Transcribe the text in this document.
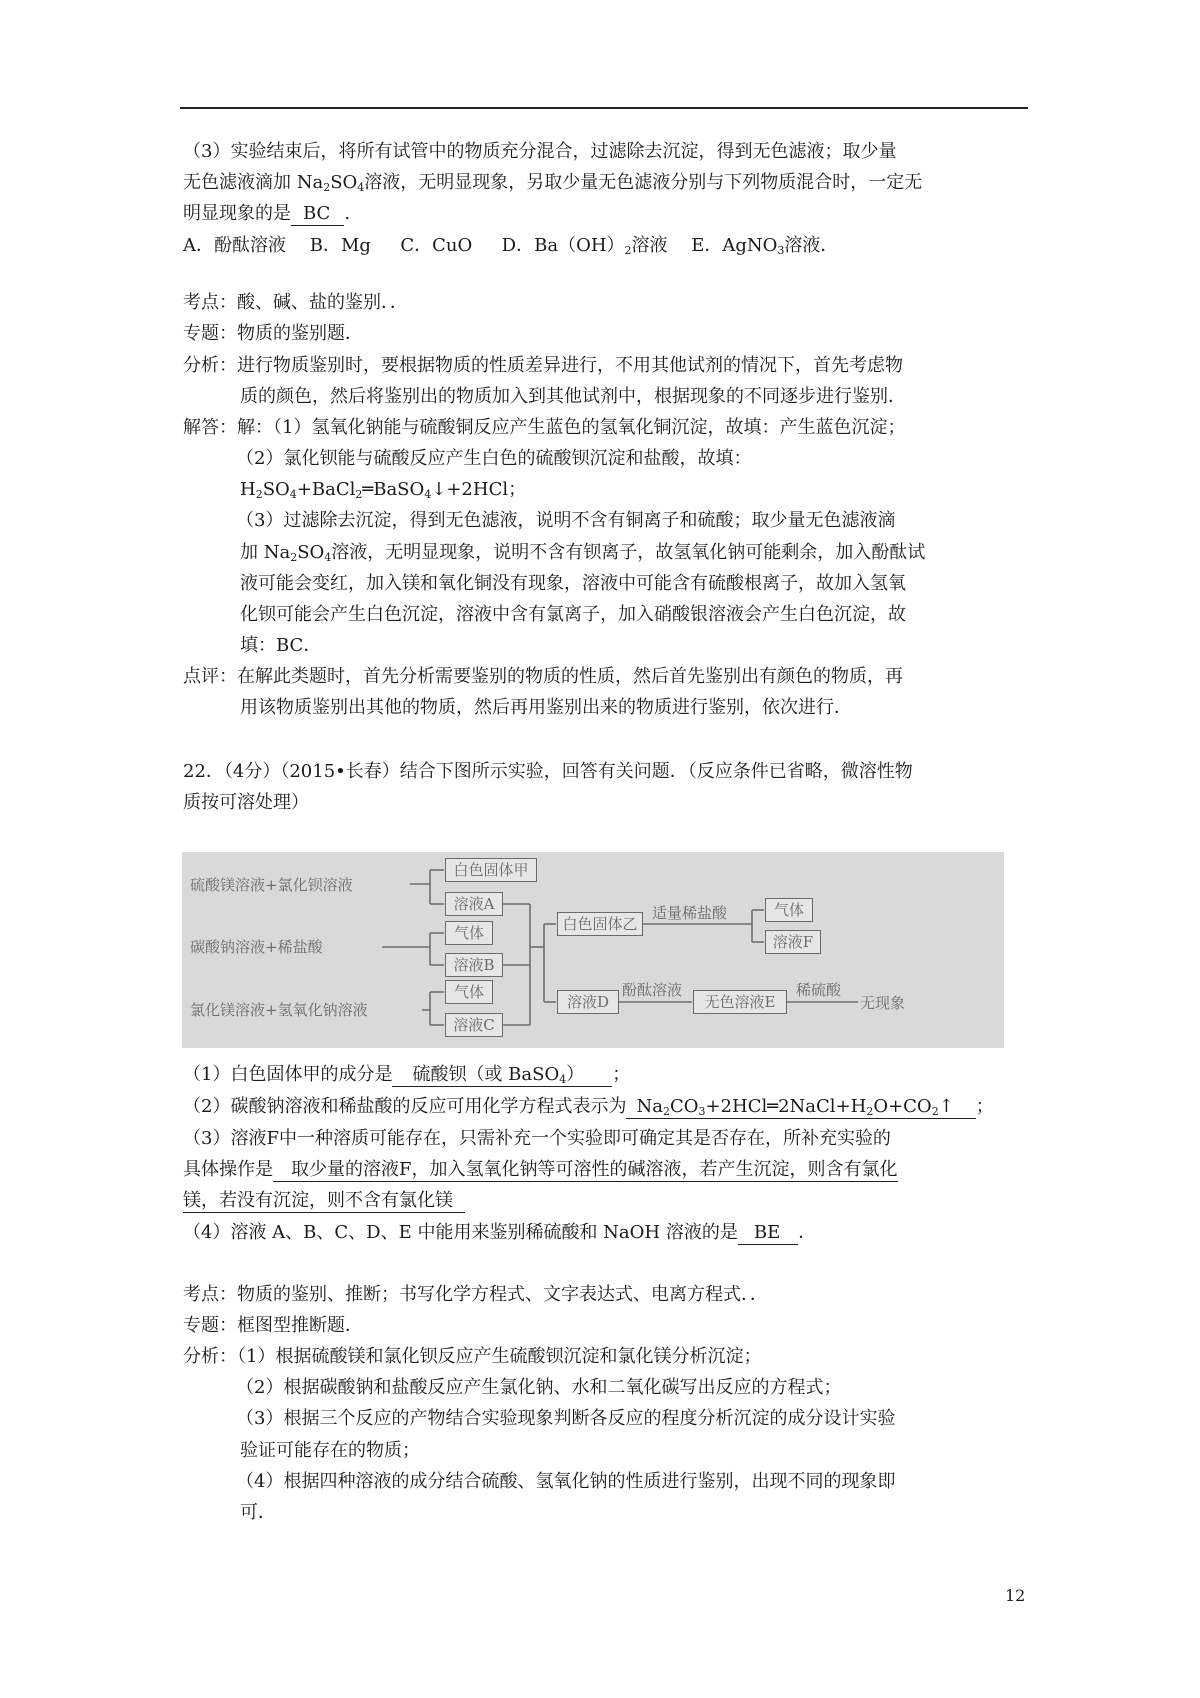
（3）实验结束后，将所有试管中的物质充分混合，过滤除去沉淀，得到无色滤液；取少量
无色滤液滴加 $Na_2SO_4$溶液，无明显现象，另取少量无色滤液分别与下列物质混合时，一定无
明显现象的是 BC .
A．酚酞溶液　 B．Mg 　 C．CuO 　 D．$Ba(OH)_2$溶液　 E．AgNO$_3$溶液．
考点：酸、碱、盐的鉴别．．
专题：物质的鉴别题．
分析：进行物质鉴别时，要根据物质的性质差异进行，不用其他试剂的情况下，首先考虑物
质的颜色，然后将鉴别出的物质加入到其他试剂中，根据现象的不同逐步进行鉴别．
解答：解：（1）氢氧化钠能与硫酸铜反应产生蓝色的氢氧化铜沉淀，故填：产生蓝色沉淀；
（2）氯化钡能与硫酸反应产生白色的硫酸钡沉淀和盐酸，故填：
$H_2SO_4+BaCl_2═BaSO_4↓+2HCl$；
（3）过滤除去沉淀，得到无色滤液，说明不含有铜离子和硫酸；取少量无色滤液滴
加 $Na_2SO_4$溶液，无明显现象，说明不含有钡离子，故氢氧化钠可能剩余，加入酚酞试
液可能会变红，加入镁和氧化铜没有现象，溶液中可能含有硫酸根离子，故加入氢氧
化钡可能会产生白色沉淀，溶液中含有氯离子，加入硝酸银溶液会产生白色沉淀，故
填：BC．
点评：在解此类题时，首先分析需要鉴别的物质的性质，然后首先鉴别出有颜色的物质，再
用该物质鉴别出其他的物质，然后再用鉴别出来的物质进行鉴别，依次进行．
22．（4分）（2015•长春）结合下图所示实验，回答有关问题．（反应条件已省略，微溶性物
质按可溶处理）
硫酸镁溶液+氯化钡溶液
碳酸钠溶液+稀盐酸
氯化镁溶液+氢氧化钠溶液
白色固体甲
溶液A
气体
溶液B
气体
溶液C
白色固体乙
适量稀盐酸	气体
溶液F
溶液D
酚酞溶液
无色溶液E
稀硫酸
无现象
（1）白色固体甲的成分是 硫酸钡（或 BaSO$_4$） ；
（2）碳酸钠溶液和稀盐酸的反应可用化学方程式表示为 $Na_2CO_3+2HCl═2NaCl+H_2O+CO_2↑$ ；
（3）溶液F中一种溶质可能存在，只需补充一个实验即可确定其是否存在，所补充实验的
具体操作是 取少量的溶液F，加入氢氧化钠等可溶性的碱溶液，若产生沉淀，则含有氯化
镁，若没有沉淀，则不含有氯化镁
（4）溶液 A、B、C、D、E 中能用来鉴别稀硫酸和 NaOH 溶液的是 BE ．
考点：物质的鉴别、推断；书写化学方程式、文字表达式、电离方程式．．
专题：框图型推断题．
分析：（1）根据硫酸镁和氯化钡反应产生硫酸钡沉淀和氯化镁分析沉淀；
（2）根据碳酸钠和盐酸反应产生氯化钠、水和二氧化碳写出反应的方程式；
（3）根据三个反应的产物结合实验现象判断各反应的程度分析沉淀的成分设计实验
验证可能存在的物质；
（4）根据四种溶液的成分结合硫酸、氢氧化钠的性质进行鉴别，出现不同的现象即
可．
12
